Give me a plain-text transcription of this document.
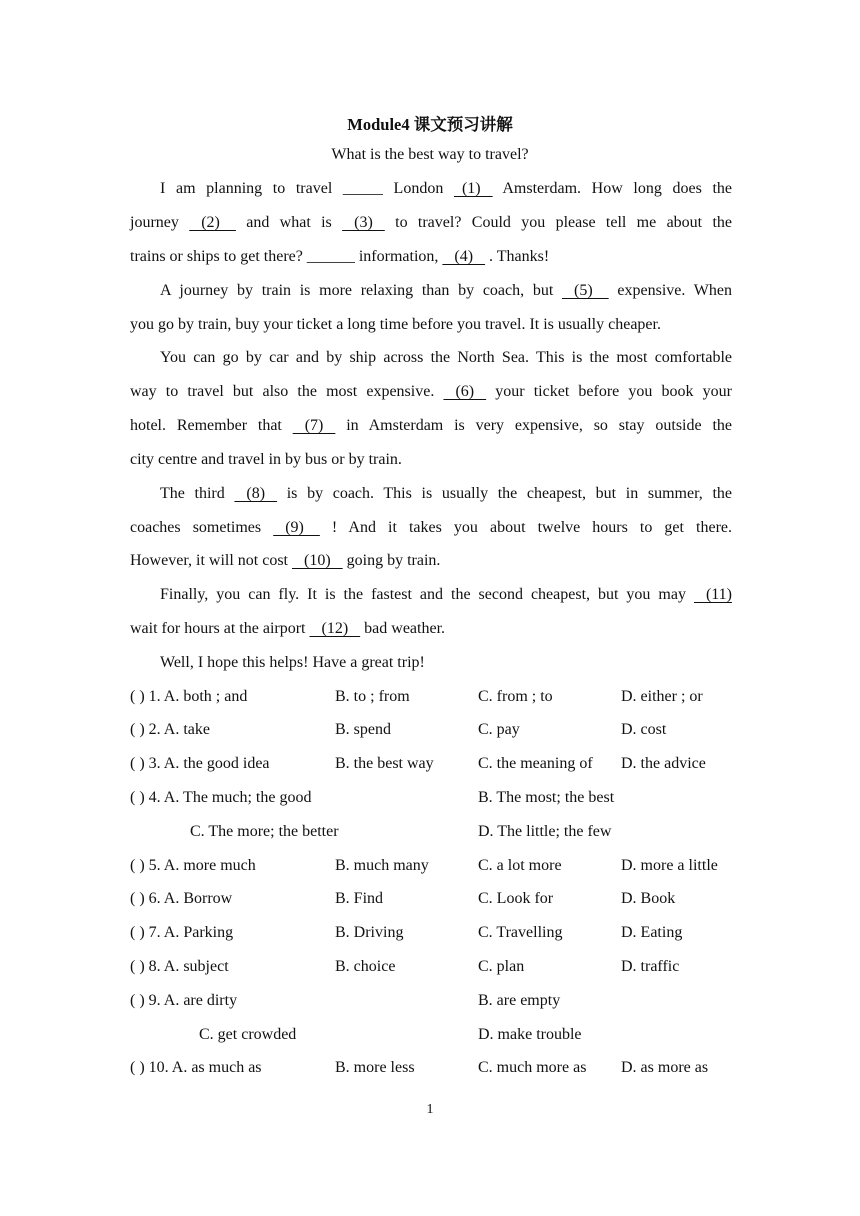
Module4 课文预习讲解
What is the best way to travel?
I am planning to travel _____ London   (1)    Amsterdam. How long does the
journey    (2)     and what is    (3)    to travel? Could you please tell me about the
trains or ships to get there? ______ information,    (4)    . Thanks!
A journey by train is more relaxing than by coach, but    (5)     expensive. When
you go by train, buy your ticket a long time before you travel. It is usually cheaper.
You can go by car and by ship across the North Sea. This is the most comfortable
way to travel but also the most expensive.    (6)    your ticket before you book your
hotel. Remember that    (7)    in Amsterdam is very expensive, so stay outside the
city centre and travel in by bus or by train.
The third    (8)    is by coach. This is usually the cheapest, but in summer, the
coaches sometimes    (9)     ! And it takes you about twelve hours to get there.
However, it will not cost    (10)    going by train.
Finally, you can fly. It is the fastest and the second cheapest, but you may    (11)
wait for hours at the airport    (12)    bad weather.
Well, I hope this helps! Have a great trip!
( ) 1. A. both ; and	B. to ; from	C. from ; to	D. either ; or
( ) 2. A. take	B. spend	C. pay	D. cost
( ) 3. A. the good idea	B. the best way	C. the meaning of D. the advice
( ) 4. A. The much; the good	B. The most; the best
C. The more; the better	D. The little; the few
( ) 5. A. more much	B. much many	C. a lot more	D. more a little
( ) 6. A. Borrow	B. Find	C. Look for	D. Book
( ) 7. A. Parking	B. Driving	C. Travelling	D. Eating
( ) 8. A. subject	B. choice	C. plan	D. traffic
( ) 9. A. are dirty	B. are empty
C. get crowded	D. make trouble
( ) 10. A. as much as	B. more less	C. much more as D. as more as
1
